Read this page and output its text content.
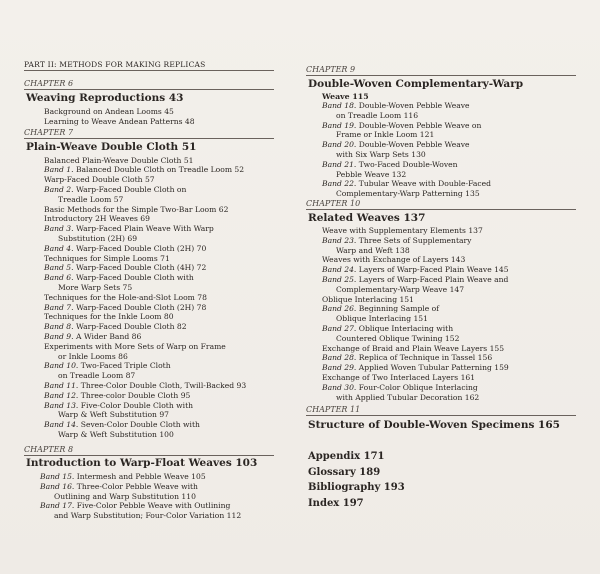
PART II: METHODS FOR MAKING REPLICAS
CHAPTER 6
Weaving Reproductions 43
Background on Andean Looms 45
Learning to Weave Andean Patterns 48
CHAPTER 7
Plain-Weave Double Cloth 51
Balanced Plain-Weave Double Cloth 51
Band 1. Balanced Double Cloth on Treadle Loom 52
Warp-Faced Double Cloth 57
Band 2. Warp-Faced Double Cloth on
Treadle Loom 57
Basic Methods for the Simple Two-Bar Loom 62
Introductory 2H Weaves 69
Band 3. Warp-Faced Plain Weave With Warp
Substitution (2H) 69
Band 4. Warp-Faced Double Cloth (2H) 70
Techniques for Simple Looms 71
Band 5. Warp-Faced Double Cloth (4H) 72
Band 6. Warp-Faced Double Cloth with
More Warp Sets 75
Techniques for the Hole-and-Slot Loom 78
Band 7. Warp-Faced Double Cloth (2H) 78
Techniques for the Inkle Loom 80
Band 8. Warp-Faced Double Cloth 82
Band 9. A Wider Band 86
Experiments with More Sets of Warp on Frame
or Inkle Looms 86
Band 10. Two-Faced Triple Cloth
on Treadle Loom 87
Band 11. Three-Color Double Cloth, Twill-Backed 93
Band 12. Three-color Double Cloth 95
Band 13. Five-Color Double Cloth with
Warp & Weft Substitution 97
Band 14. Seven-Color Double Cloth with
Warp & Weft Substitution 100
CHAPTER 8
Introduction to Warp-Float Weaves 103
Band 15. Intermesh and Pebble Weave 105
Band 16. Three-Color Pebble Weave with
Outlining and Warp Substitution 110
Band 17. Five-Color Pebble Weave with Outlining
and Warp Substitution; Four-Color Variation 112
CHAPTER 9
Double-Woven Complementary-Warp
Weave 115
Band 18. Double-Woven Pebble Weave
on Treadle Loom 116
Band 19. Double-Woven Pebble Weave on
Frame or Inkle Loom 121
Band 20. Double-Woven Pebble Weave
with Six Warp Sets 130
Band 21. Two-Faced Double-Woven
Pebble Weave 132
Band 22. Tubular Weave with Double-Faced
Complementary-Warp Patterning 135
CHAPTER 10
Related Weaves 137
Weave with Supplementary Elements 137
Band 23. Three Sets of Supplementary
Warp and Weft 138
Weaves with Exchange of Layers 143
Band 24. Layers of Warp-Faced Plain Weave 145
Band 25. Layers of Warp-Faced Plain Weave and
Complementary-Warp Weave 147
Oblique Interlacing 151
Band 26. Beginning Sample of
Oblique Interlacing 151
Band 27. Oblique Interlacing with
Countered Oblique Twining 152
Exchange of Braid and Plain Weave Layers 155
Band 28. Replica of Technique in Tassel 156
Band 29. Applied Woven Tubular Patterning 159
Exchange of Two Interlaced Layers 161
Band 30. Four-Color Oblique Interlacing
with Applied Tubular Decoration 162
CHAPTER 11
Structure of Double-Woven Specimens 165
Appendix 171
Glossary 189
Bibliography 193
Index 197
